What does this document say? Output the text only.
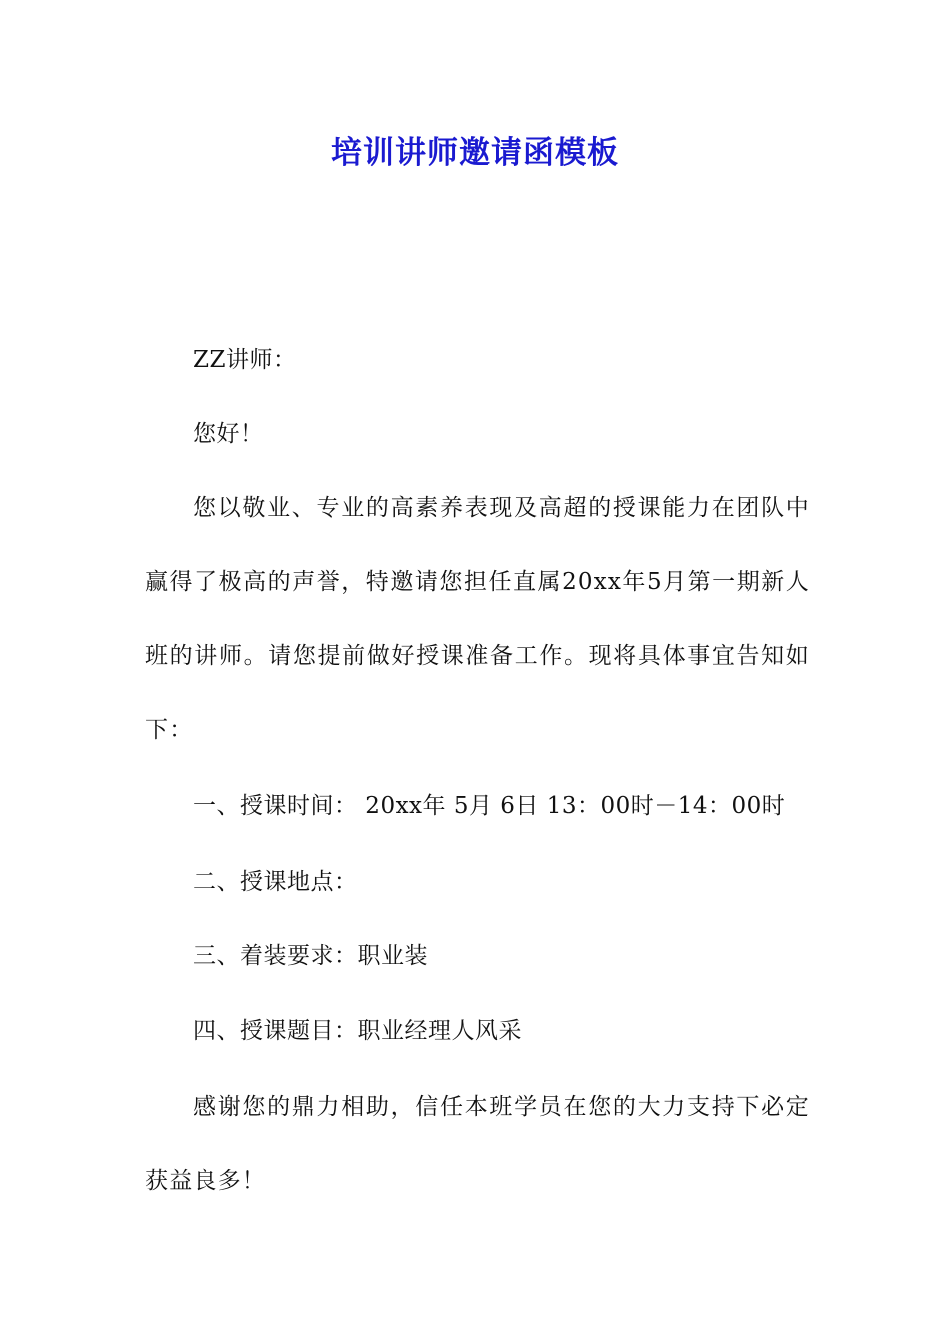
培训讲师邀请函模板
ZZ讲师：
您好！
您以敬业、专业的高素养表现及高超的授课能力在团队中赢得了极高的声誉，特邀请您担任直属20xx年5月第一期新人班的讲师。请您提前做好授课准备工作。现将具体事宜告知如下：
一、授课时间： 20xx年 5月 6日 13：00时－14：00时
二、授课地点：
三、着装要求：职业装
四、授课题目：职业经理人风采
感谢您的鼎力相助，信任本班学员在您的大力支持下必定获益良多！
